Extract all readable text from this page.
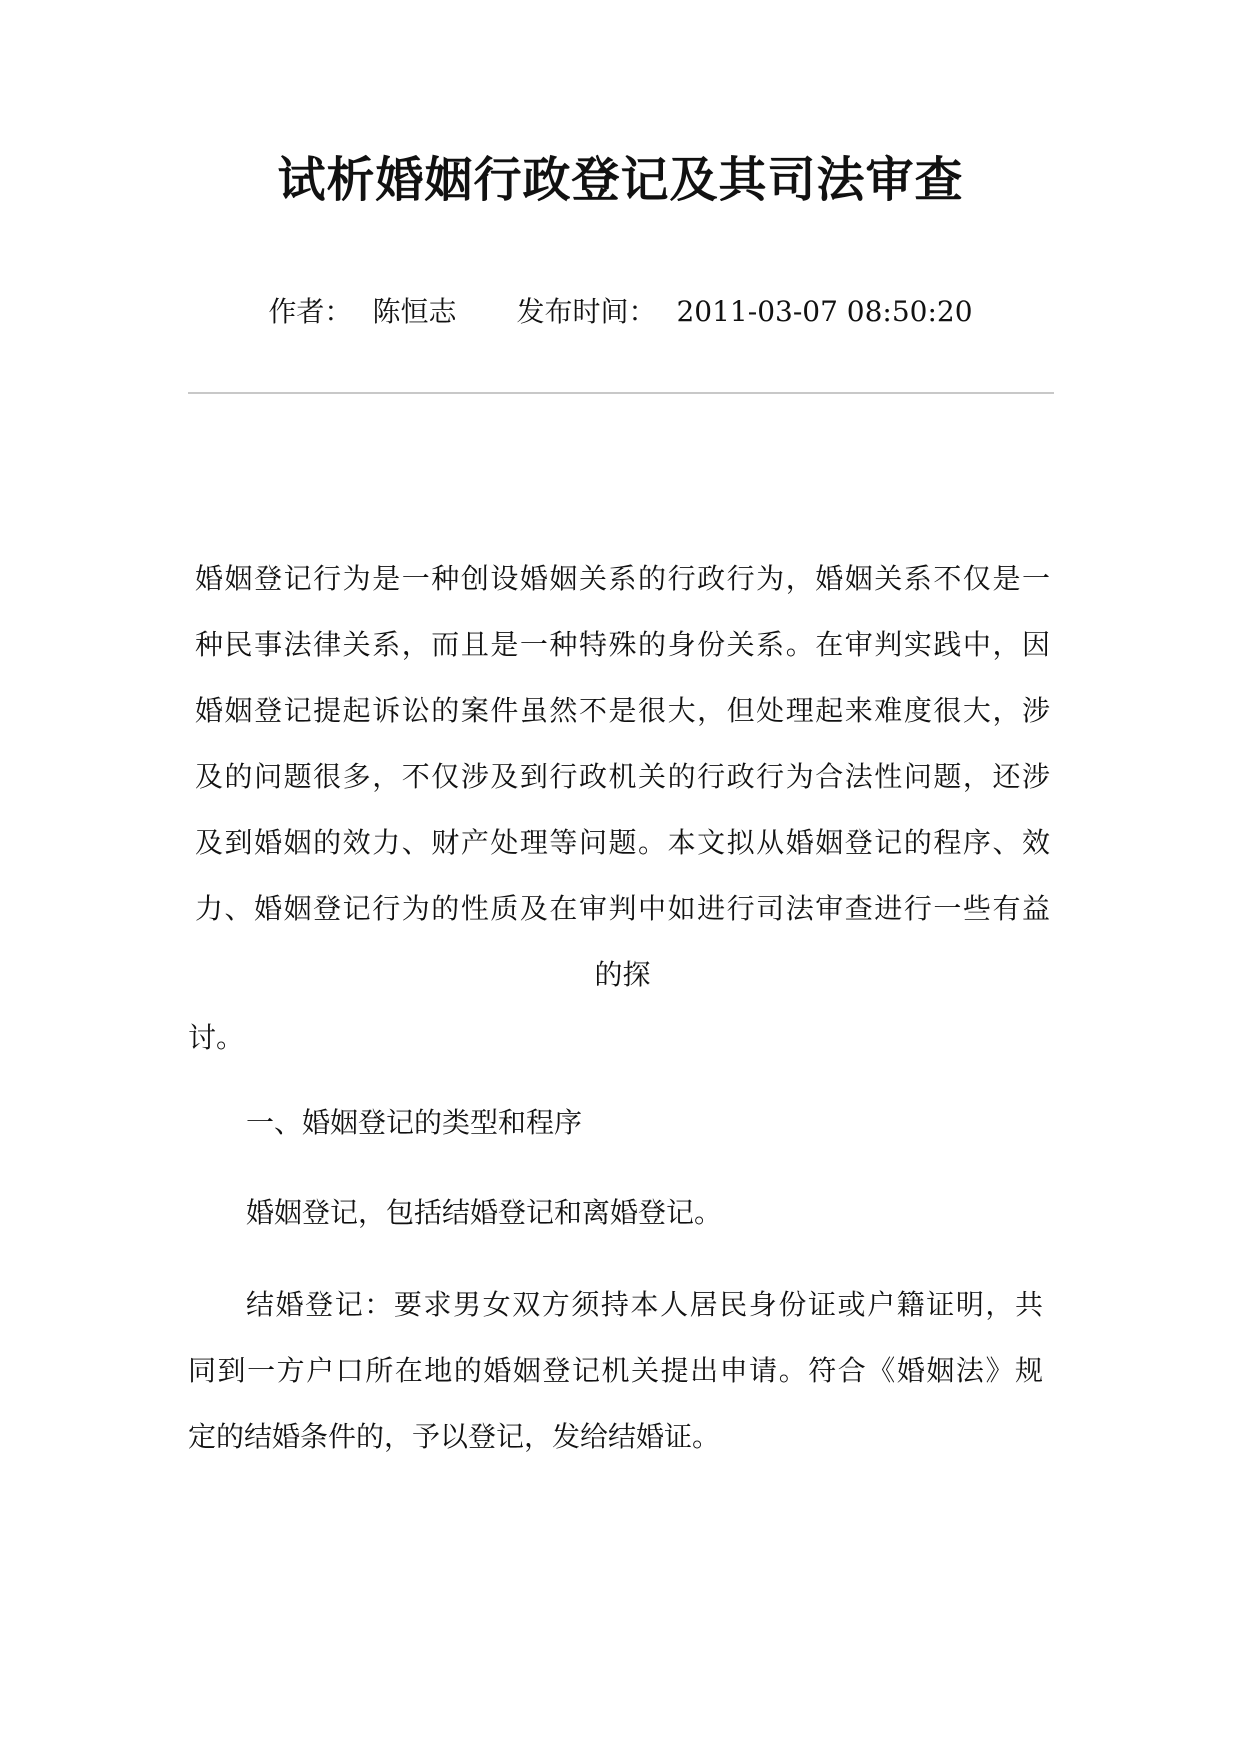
试析婚姻行政登记及其司法审查
作者： 陈恒志 发布时间： 2011-03-07 08:50:20
婚姻登记行为是一种创设婚姻关系的行政行为，婚姻关系不仅是一
种民事法律关系，而且是一种特殊的身份关系。在审判实践中，因
婚姻登记提起诉讼的案件虽然不是很大，但处理起来难度很大，涉
及的问题很多，不仅涉及到行政机关的行政行为合法性问题，还涉
及到婚姻的效力、财产处理等问题。本文拟从婚姻登记的程序、效
力、婚姻登记行为的性质及在审判中如进行司法审查进行一些有益
的探
讨。
一、婚姻登记的类型和程序
婚姻登记，包括结婚登记和离婚登记。
结婚登记：要求男女双方须持本人居民身份证或户籍证明，共
同到一方户口所在地的婚姻登记机关提出申请。符合《婚姻法》规
定的结婚条件的，予以登记，发给结婚证。
